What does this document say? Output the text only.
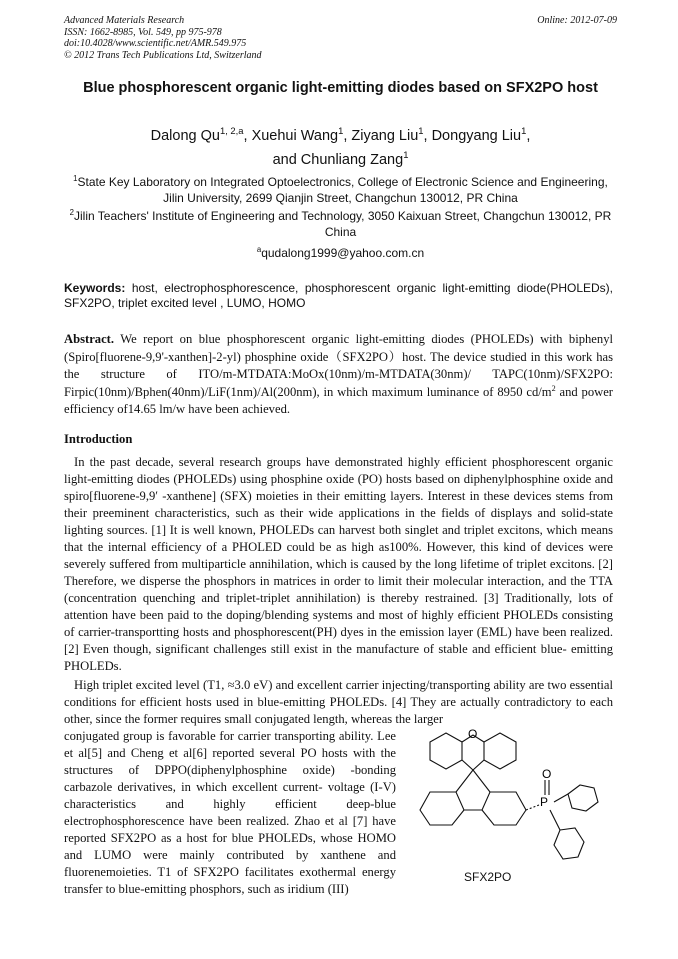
Advanced Materials Research
ISSN: 1662-8985, Vol. 549, pp 975-978
doi:10.4028/www.scientific.net/AMR.549.975
© 2012 Trans Tech Publications Ltd, Switzerland
Online: 2012-07-09
Blue phosphorescent organic light-emitting diodes based on SFX2PO host
Dalong Qu$^{1, 2,a}$, Xuehui Wang$^1$, Ziyang Liu$^1$, Dongyang Liu$^1$,
and Chunliang Zang$^1$
$^1$State Key Laboratory on Integrated Optoelectronics, College of Electronic Science and Engineering, Jilin University, 2699 Qianjin Street, Changchun 130012, PR China
$^2$Jilin Teachers' Institute of Engineering and Technology, 3050 Kaixuan Street, Changchun 130012, PR China
$^a$qudalong1999@yahoo.com.cn
Keywords: host, electrophosphorescence, phosphorescent organic light-emitting diode(PHOLEDs), SFX2PO, triplet excited level , LUMO, HOMO
Abstract. We report on blue phosphorescent organic light-emitting diodes (PHOLEDs) with biphenyl (Spiro[fluorene-9,9'-xanthen]-2-yl) phosphine oxide（SFX2PO）host. The device studied in this work has the structure of ITO/m-MTDATA:MoOx(10nm)/m-MTDATA(30nm)/ TAPC(10nm)/SFX2PO: Firpic(10nm)/Bphen(40nm)/LiF(1nm)/Al(200nm), in which maximum luminance of 8950 $cd/m^2$ and power efficiency of14.65 lm/w have been achieved.
Introduction
In the past decade, several research groups have demonstrated highly efficient phosphorescent organic light-emitting diodes (PHOLEDs) using phosphine oxide (PO) hosts based on diphenylphosphine oxide and spiro[fluorene-9,9′ -xanthene] (SFX) moieties in their emitting layers. Interest in these devices stems from their preeminent characteristics, such as their wide applications in the fields of displays and solid-state lighting sources. [1] It is well known, PHOLEDs can harvest both singlet and triplet excitons, which means that the internal efficiency of a PHOLED could be as high as100%. However, this kind of devices were severely suffered from multiparticle annihilation, which is caused by the long lifetime of triplet excitons. [2] Therefore, we disperse the phosphors in matrices in order to limit their molecular interaction, and the TTA (concentration quenching and triplet-triplet annihilation) is thereby restrained. [3] Traditionally, lots of attention have been paid to the doping/blending systems and most of highly efficient PHOLEDs consisting of carrier-transportting hosts and phosphorescent(PH) dyes in the emission layer (EML) have been realized.[2] Even though, significant challenges still exist in the manufacture of stable and efficient blue- emitting PHOLEDs.
High triplet excited level (T1, ≈3.0 eV) and excellent carrier injecting/transporting ability are two essential conditions for efficient hosts used in blue-emitting PHOLEDs. [4] They are actually contradictory to each other, since the former requires small conjugated length, whereas the larger
conjugated group is favorable for carrier transporting ability. Lee et al[5] and Cheng et al[6] reported several PO hosts with the structures of DPPO(diphenylphosphine oxide) -bonding carbazole derivatives, in which excellent current- voltage (I-V) characteristics and highly efficient deep-blue electrophosphorescence have been realized. Zhao et al [7] have reported SFX2PO as a host for blue PHOLEDs, whose HOMO and LUMO were mainly contributed by xanthene and fluorenemoieties. T1 of SFX2PO facilitates exothermal energy transfer to blue-emitting phosphors, such as iridium (III)
O
P
O
SFX2PO
